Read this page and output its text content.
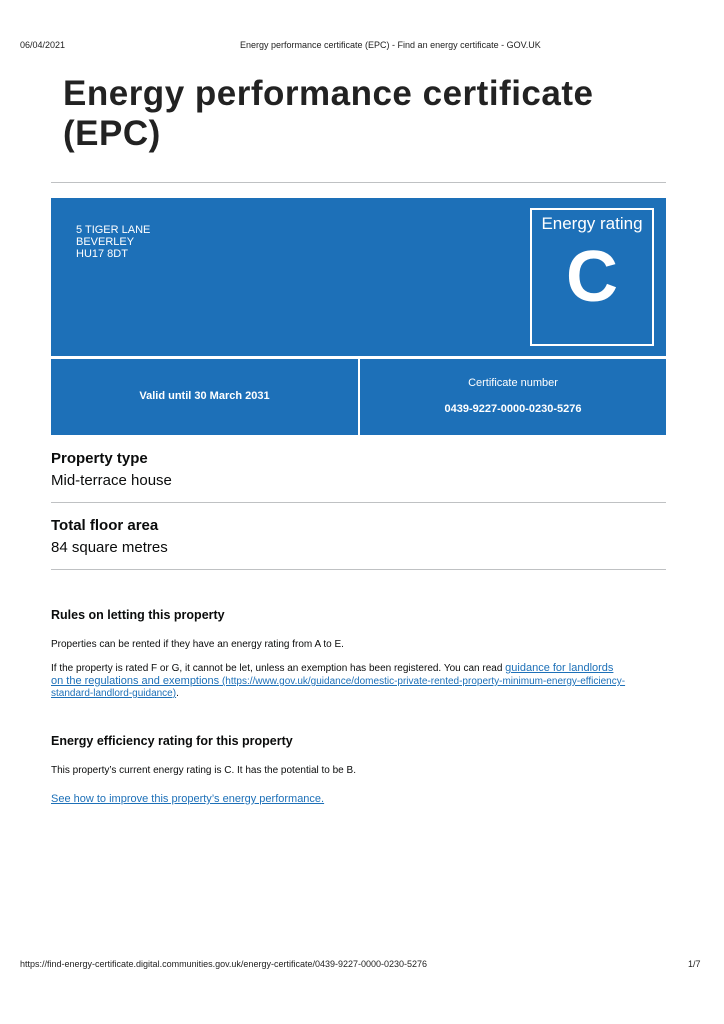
06/04/2021	Energy performance certificate (EPC) - Find an energy certificate - GOV.UK
Energy performance certificate
(EPC)
5 TIGER LANE
BEVERLEY
HU17 8DT
Energy rating
C
Valid until 30 March 2031
Certificate number
0439-9227-0000-0230-5276
Property type
Mid-terrace house
Total floor area
84 square metres
Rules on letting this property
Properties can be rented if they have an energy rating from A to E.
If the property is rated F or G, it cannot be let, unless an exemption has been registered. You can read guidance for landlords
on the regulations and exemptions (https://www.gov.uk/guidance/domestic-private-rented-property-minimum-energy-efficiency-
standard-landlord-guidance).
Energy efficiency rating for this property
This property’s current energy rating is C. It has the potential to be B.
See how to improve this property’s energy performance.
https://find-energy-certificate.digital.communities.gov.uk/energy-certificate/0439-9227-0000-0230-5276	1/7
